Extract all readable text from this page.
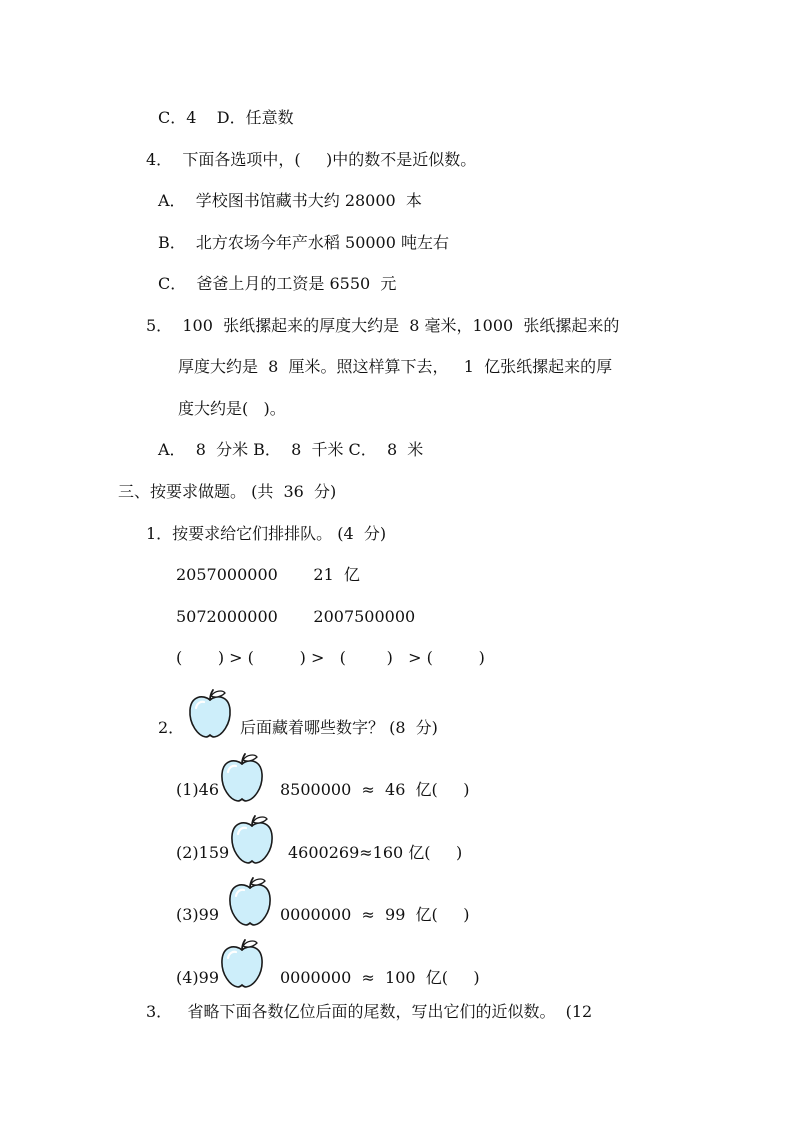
C．4    D．任意数
4．  下面各选项中，(     )中的数不是近似数。
A．  学校图书馆藏书大约 28000  本
B．  北方农场今年产水稻 50000 吨左右
C．  爸爸上月的工资是 6550  元
5．  100  张纸摞起来的厚度大约是  8 毫米，1000  张纸摞起来的
厚度大约是  8  厘米。照这样算下去，   1  亿张纸摞起来的厚
度大约是(   )。
A．  8  分米 B．  8  千米 C．  8  米
三、按要求做题。 (共  36  分)
1．按要求给它们排排队。 (4  分)
2057000000       21  亿
5072000000       2007500000
(       ) > (         ) >   (        )   > (         )
2．	后面藏着哪些数字？ (8  分)
(1)46	8500000  ≈  46  亿(     )
(2)159	4600269≈160 亿(     )
(3)99	0000000  ≈  99  亿(     )
(4)99	0000000  ≈  100  亿(     )
3．   省略下面各数亿位后面的尾数，写出它们的近似数。  (12
